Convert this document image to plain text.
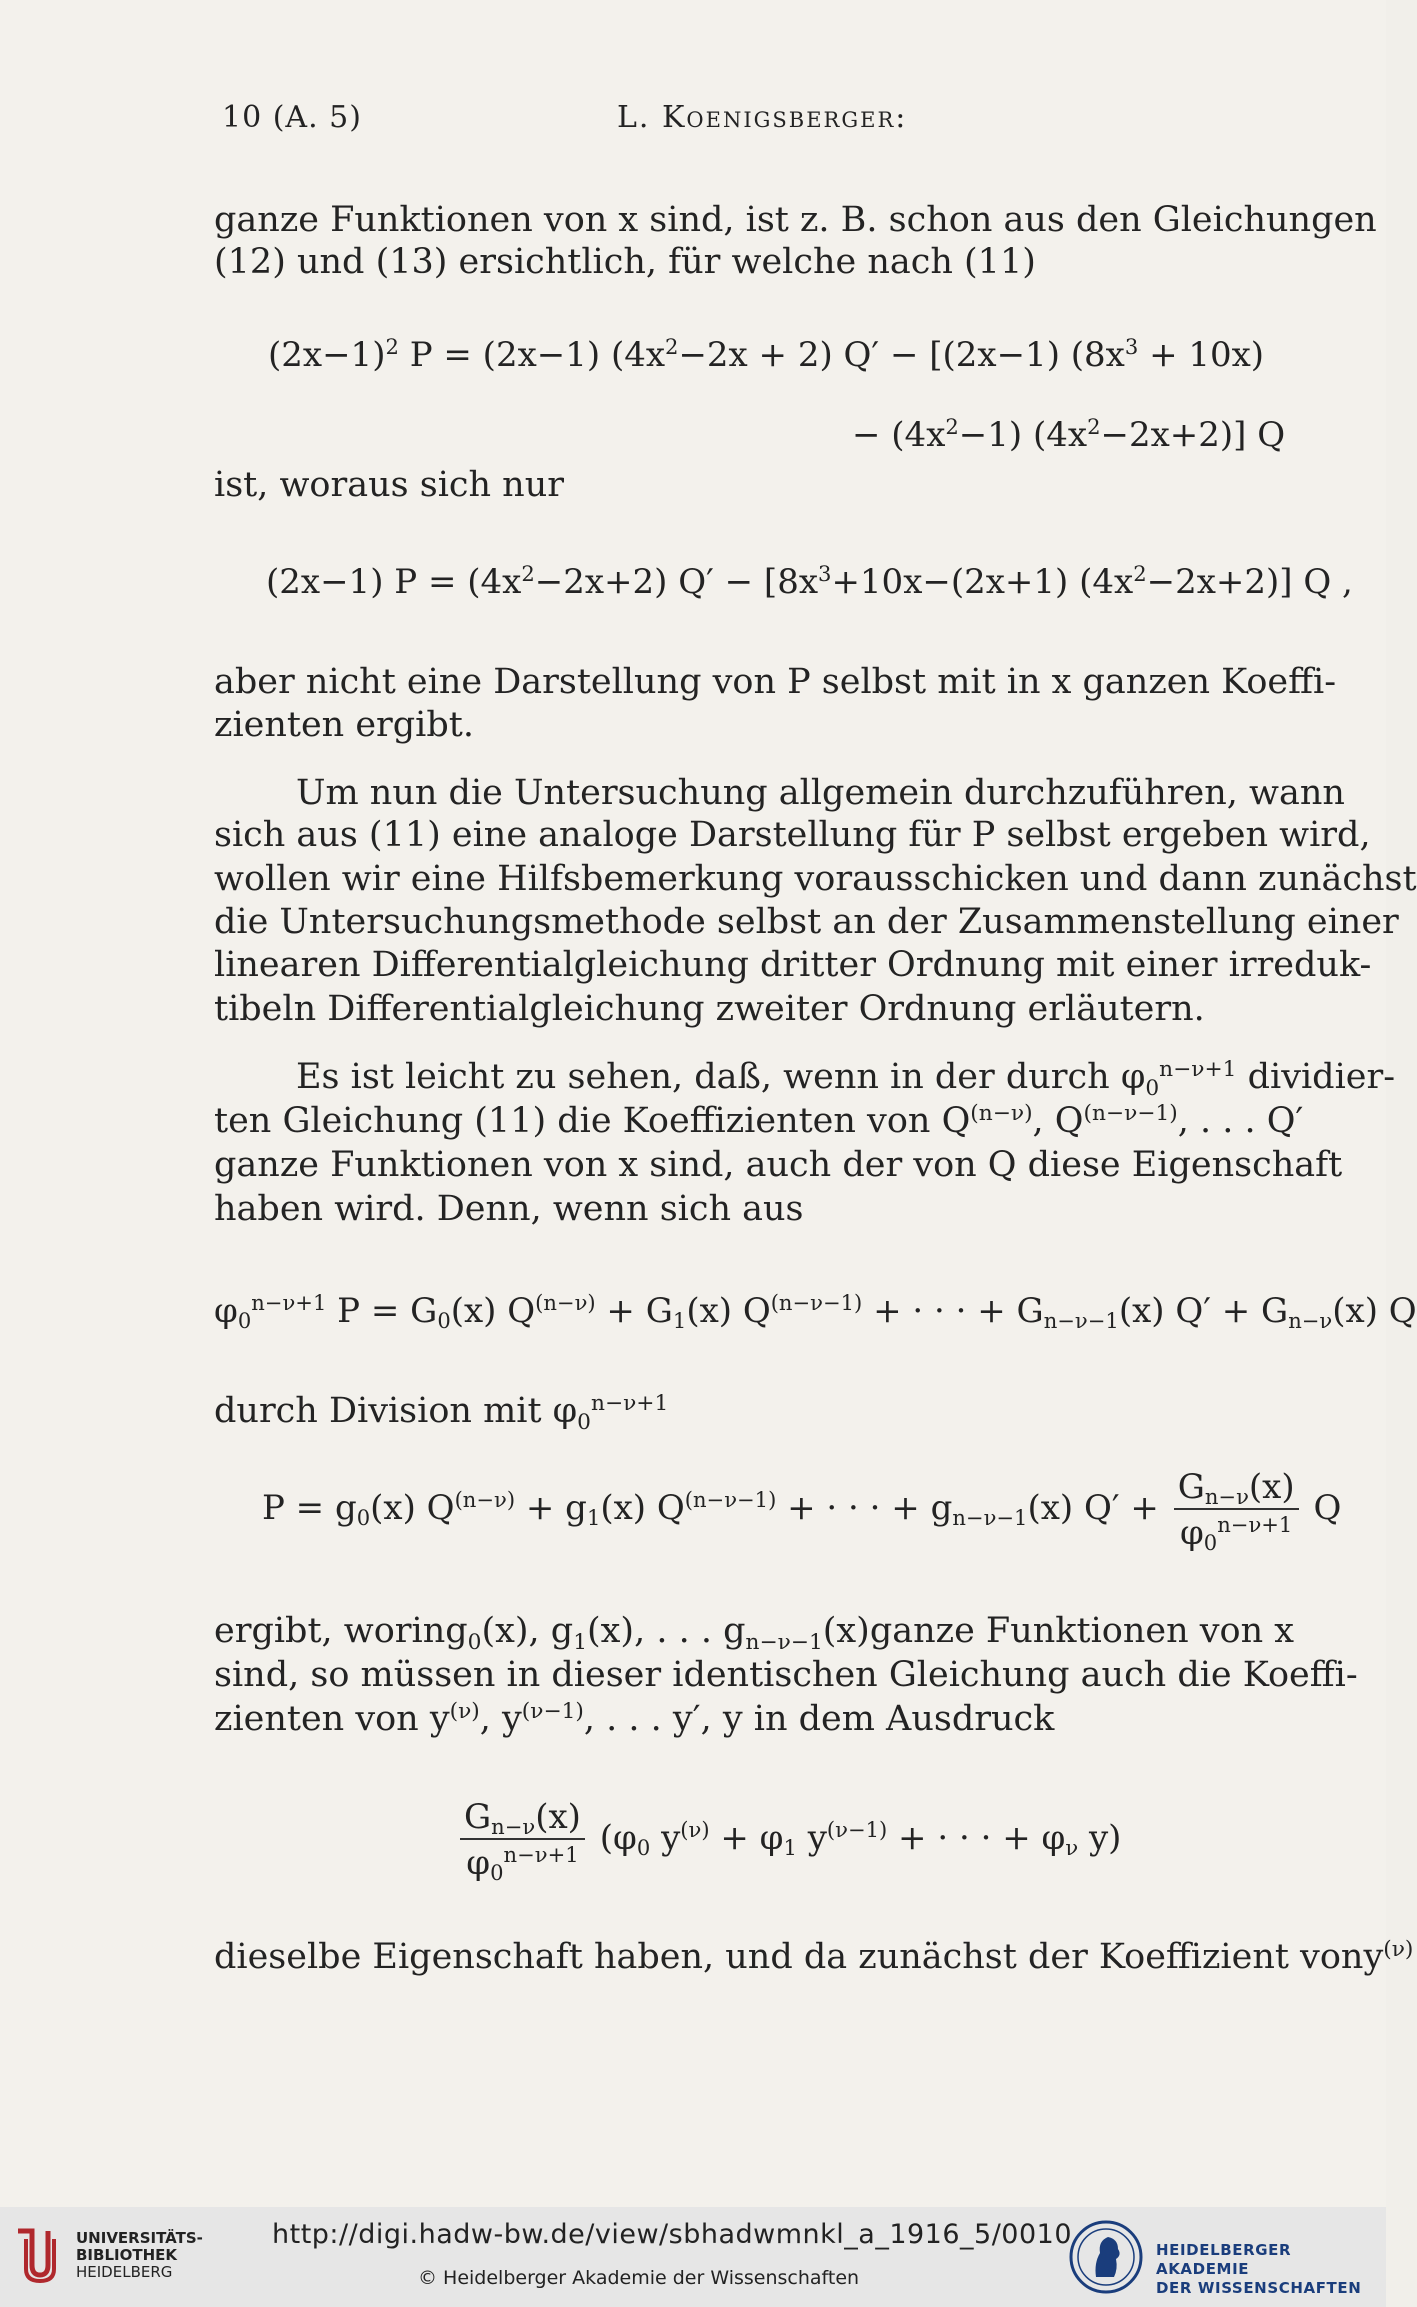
10 (A. 5)	L. Koenigsberger:
ganze Funktionen von x sind, ist z. B. schon aus den Gleichungen
(12) und (13) ersichtlich, für welche nach (11)
$(2x-1)^2$ P = (2x−1) $(4x^2-2x + 2) Q' - [(2x-1) (8x^3 + 10x)$
− $(4x^2-1)$ $(4x^2-2x+2)$] Q
ist, woraus sich nur
(2x−1) $P = (4x^2-2x+2) Q' - [8x^3+10x-(2x+1)$ $(4x^2-2x+2)$] Q ,
aber nicht eine Darstellung von P selbst mit in x ganzen Koeffi-
zienten ergibt.
Um nun die Untersuchung allgemein durchzuführen, wann
sich aus (11) eine analoge Darstellung für P selbst ergeben wird,
wollen wir eine Hilfsbemerkung vorausschicken und dann zunächst
die Untersuchungsmethode selbst an der Zusammenstellung einer
linearen Differentialgleichung dritter Ordnung mit einer irreduk-
tibeln Differentialgleichung zweiter Ordnung erläutern.
Es ist leicht zu sehen, daß, wenn in der durch $\varphi_0^{n-\nu+1}$ dividier-
ten Gleichung (11) die Koeffizienten von $Q^{(n-\nu)}$, $Q^{(n-\nu-1)}$, . . . Q′
ganze Funktionen von x sind, auch der von Q diese Eigenschaft
haben wird. Denn, wenn sich aus
$\varphi_0^{n-\nu+1}$ $P = G_0(x) Q^{(n-\nu)} + G_1(x) Q^{(n-\nu-1)}$ + · · · + $G_{n-\nu-1}(x) Q' + G_{n-\nu}(x)$ Q
durch Division mit $\varphi_0^{n-\nu+1}$
$P = g_0(x) Q^{(n-\nu)} + g_1(x) Q^{(n-\nu-1)}$ + · · · + $g_{n-\nu-1}(x) Q' + \frac{G_{n-\nu}(x)}{\varphi_0^{n-\nu+1}}$ Q
ergibt, worin $g_0(x)$, $g_1(x)$, . . . $g_{n-\nu-1}(x)$ ganze Funktionen von x
sind, so müssen in dieser identischen Gleichung auch die Koeffi-
zienten von $y^{(\nu)}$, $y^{(\nu-1)}$, . . . y′, y in dem Ausdruck
$\frac{G_{n-\nu}(x)}{\varphi_0^{n-\nu+1}} (\varphi_0$ $y^{(\nu)} + \varphi_1$ $y^{(\nu-1)}$ + · · · + $\varphi_\nu$ y)
dieselbe Eigenschaft haben, und da zunächst der Koeffizient von $y^{(\nu)}$
UNIVERSITÄTS-
BIBLIOTHEK
HEIDELBERG
http://digi.hadw-bw.de/view/sbhadwmnkl_a_1916_5/0010
© Heidelberger Akademie der Wissenschaften
HEIDELBERGER AKADEMIE
DER WISSENSCHAFTEN
